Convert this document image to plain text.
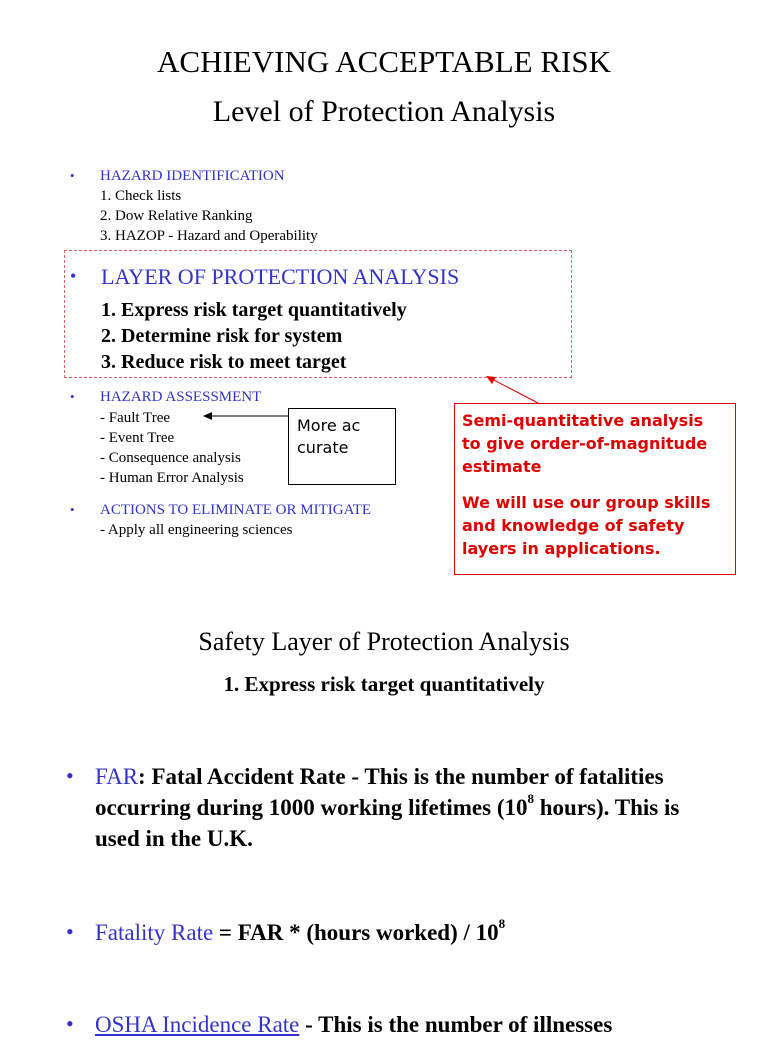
ACHIEVING ACCEPTABLE RISK
Level of Protection Analysis
• HAZARD IDENTIFICATION
1. Check lists
2. Dow Relative Ranking
3. HAZOP - Hazard and Operability
• LAYER OF PROTECTION ANALYSIS
1. Express risk target quantitatively
2. Determine risk for system
3. Reduce risk to meet target
• HAZARD ASSESSMENT
- Fault Tree
- Event Tree
- Consequence analysis
- Human Error Analysis
• ACTIONS TO ELIMINATE OR MITIGATE
- Apply all engineering sciences
More accurate
Semi-quantitative analysis to give order-of-magnitude estimate
We will use our group skills and knowledge of safety layers in applications.
Safety Layer of Protection Analysis
1. Express risk target quantitatively
• FAR: Fatal Accident Rate - This is the number of fatalities occurring during 1000 working lifetimes ($10^8$ hours). This is used in the U.K.
• Fatality Rate = FAR * (hours worked) / $10^8$
• OSHA Incidence Rate - This is the number of illnesses
